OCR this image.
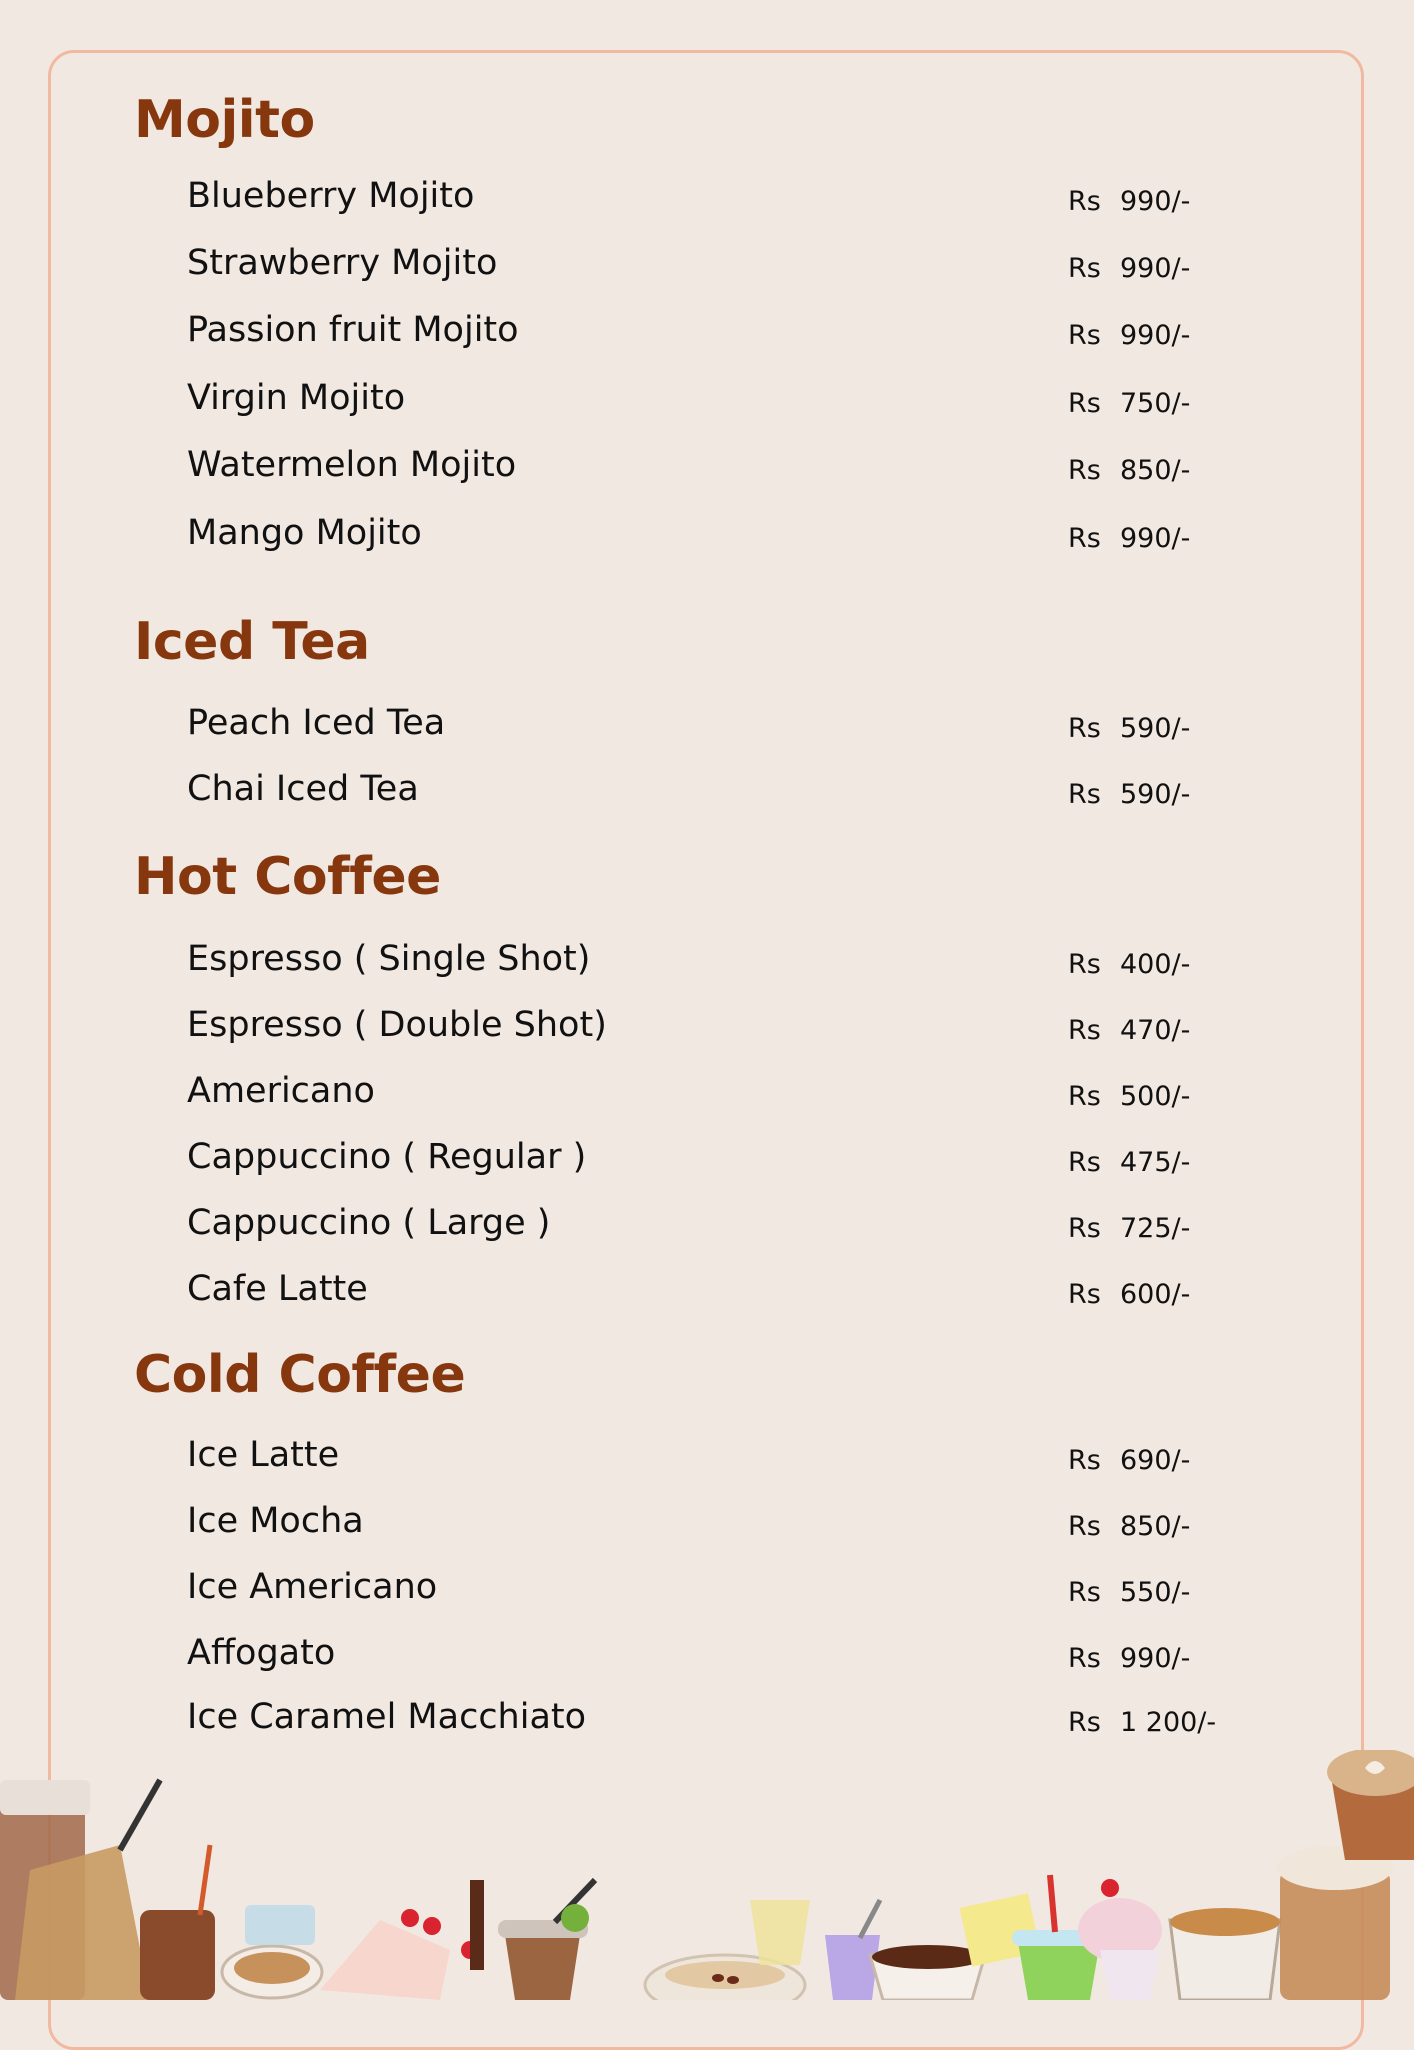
Mojito
Blueberry Mojito	Rs 990/-
Strawberry Mojito	Rs 990/-
Passion fruit Mojito	Rs 990/-
Virgin Mojito	Rs 750/-
Watermelon Mojito	Rs 850/-
Mango Mojito	Rs 990/-
Iced Tea
Peach Iced Tea	Rs 590/-
Chai Iced Tea	Rs 590/-
Hot Coffee
Espresso ( Single Shot)	Rs 400/-
Espresso ( Double Shot)	Rs 470/-
Americano	Rs 500/-
Cappuccino ( Regular )	Rs 475/-
Cappuccino ( Large )	Rs 725/-
Cafe Latte	Rs 600/-
Cold Coffee
Ice Latte	Rs 690/-
Ice Mocha	Rs 850/-
Ice Americano	Rs 550/-
Affogato	Rs 990/-
Ice Caramel Macchiato	Rs 1 200/-
